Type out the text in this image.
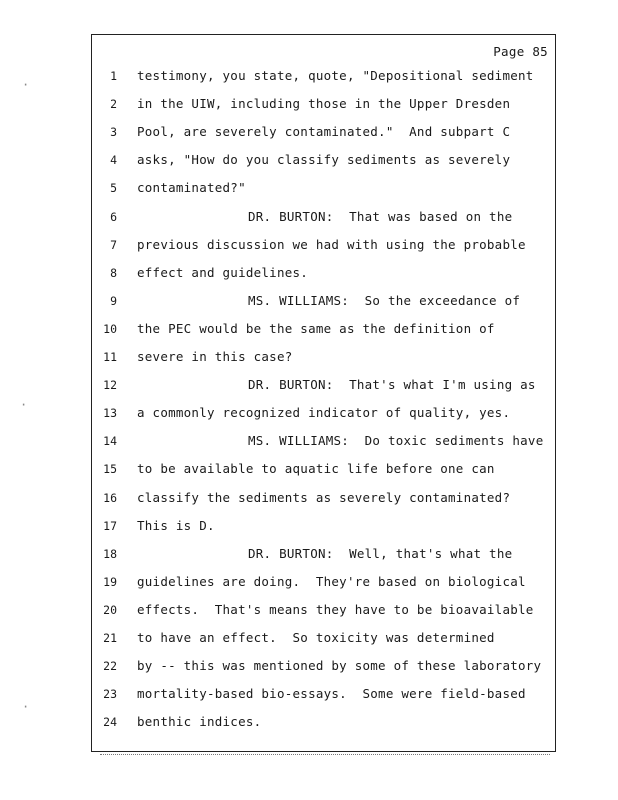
·
·
·
Page 85
1 testimony, you state, quote, "Depositional sediment
2 in the UIW, including those in the Upper Dresden
3 Pool, are severely contaminated."  And subpart C
4 asks, "How do you classify sediments as severely
5 contaminated?"
6	DR. BURTON:  That was based on the
7 previous discussion we had with using the probable
8 effect and guidelines.
9	MS. WILLIAMS:  So the exceedance of
10 the PEC would be the same as the definition of
11 severe in this case?
12	DR. BURTON:  That's what I'm using as
13 a commonly recognized indicator of quality, yes.
14	MS. WILLIAMS:  Do toxic sediments have
15 to be available to aquatic life before one can
16 classify the sediments as severely contaminated?
17 This is D.
18	DR. BURTON:  Well, that's what the
19 guidelines are doing.  They're based on biological
20 effects.  That's means they have to be bioavailable
21 to have an effect.  So toxicity was determined
22 by -- this was mentioned by some of these laboratory
23 mortality-based bio-essays.  Some were field-based
24 benthic indices.
